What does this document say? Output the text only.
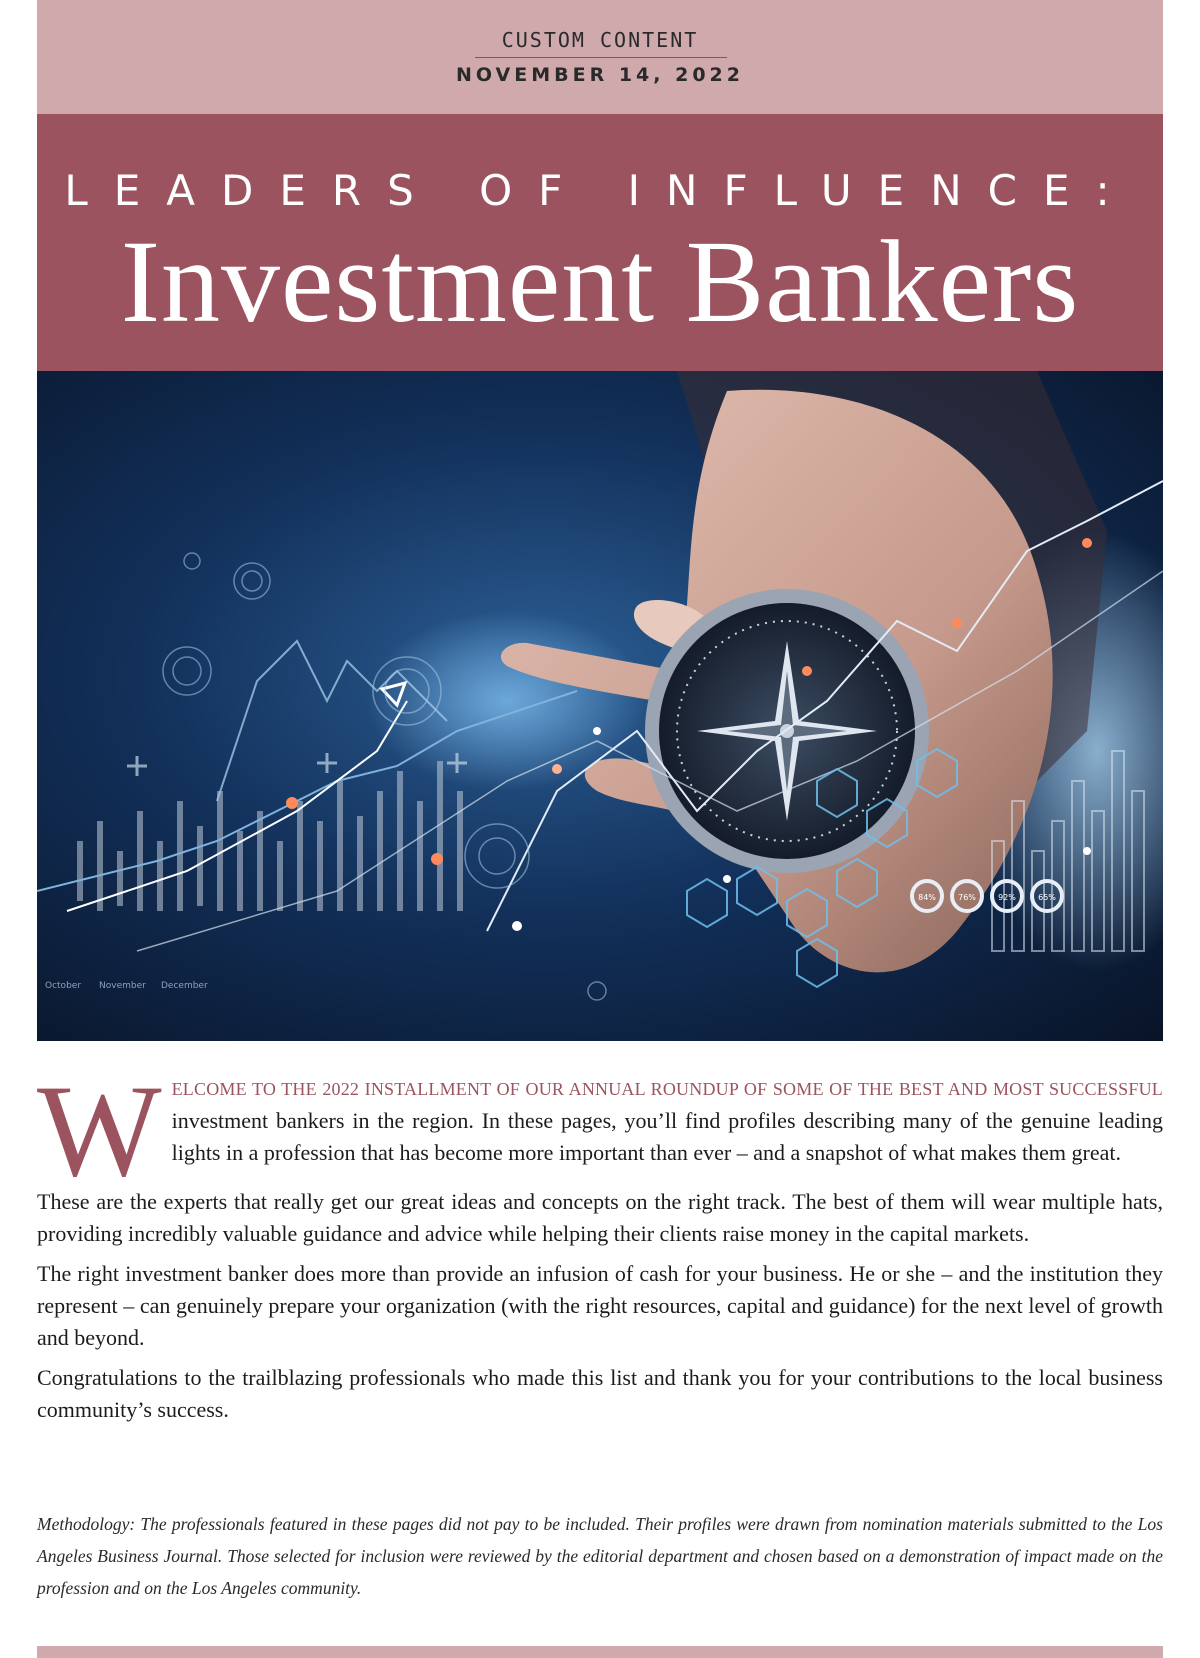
CUSTOM CONTENT
NOVEMBER 14, 2022
LEADERS OF INFLUENCE:
Investment Bankers
84%	76%	92%	65%
October November December

W ELCOME TO THE 2022 INSTALLMENT OF OUR ANNUAL ROUNDUP OF SOME OF THE BEST AND MOST SUCCESSFUL investment bankers in the region. In these pages, you’ll find profiles describing many of the genuine leading lights in a profession that has become more important than ever – and a snapshot of what makes them great.

These are the experts that really get our great ideas and concepts on the right track. The best of them will wear multiple hats, providing incredibly valuable guidance and advice while helping their clients raise money in the capital markets.

The right investment banker does more than provide an infusion of cash for your business. He or she – and the institution they represent – can genuinely prepare your organization (with the right resources, capital and guidance) for the next level of growth and beyond.

Congratulations to the trailblazing professionals who made this list and thank you for your contributions to the local business community’s success.

Methodology: The professionals featured in these pages did not pay to be included. Their profiles were drawn from nomination materials submitted to the Los Angeles Business Journal. Those selected for inclusion were reviewed by the editorial department and chosen based on a demonstration of impact made on the profession and on the Los Angeles community.
